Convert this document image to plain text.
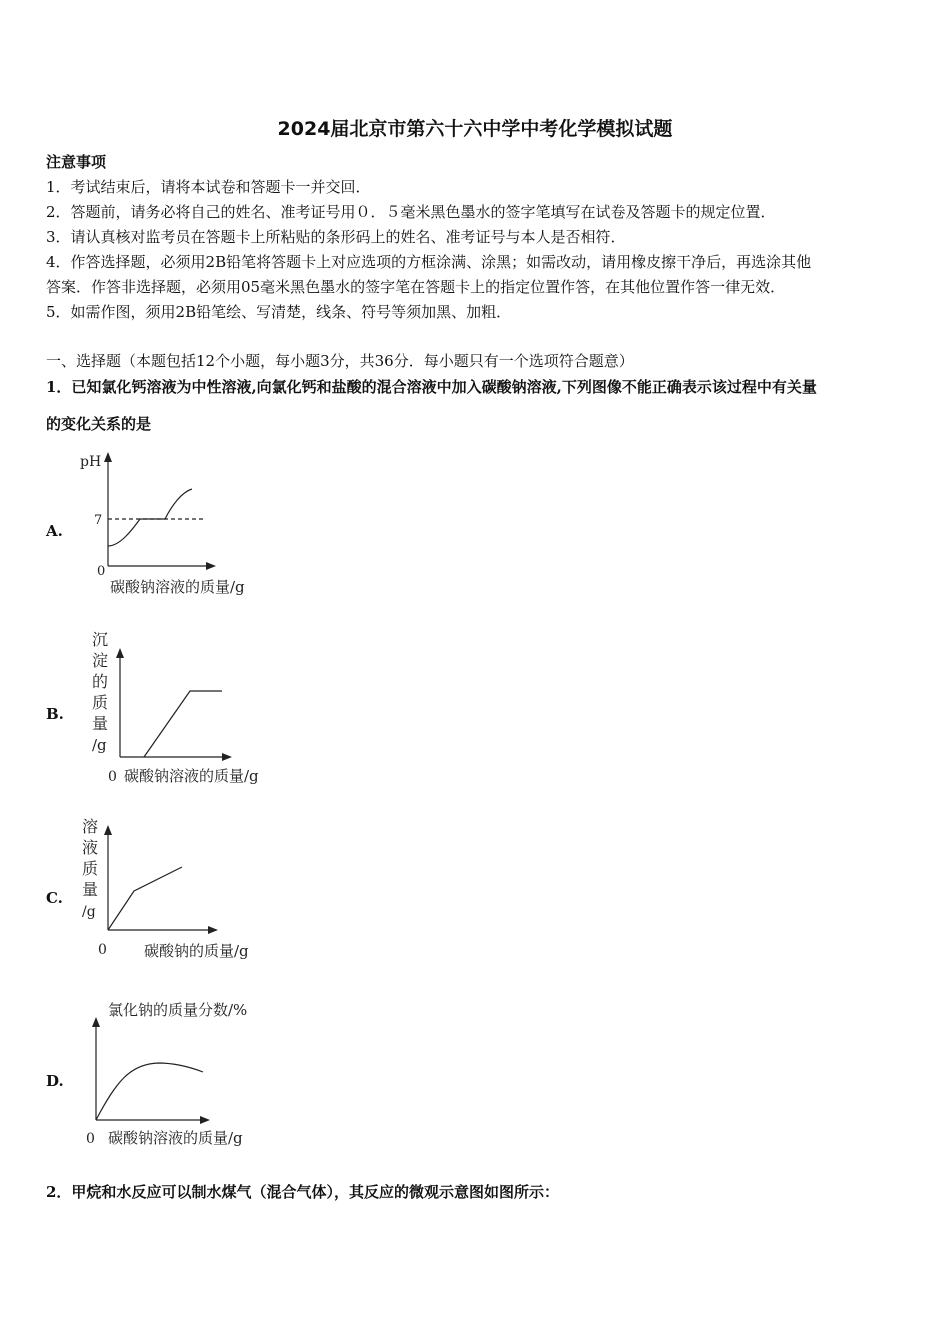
2024届北京市第六十六中学中考化学模拟试题
注意事项
1．考试结束后，请将本试卷和答题卡一并交回．
2．答题前，请务必将自己的姓名、准考证号用０．５毫米黑色墨水的签字笔填写在试卷及答题卡的规定位置．
3．请认真核对监考员在答题卡上所粘贴的条形码上的姓名、准考证号与本人是否相符．
4．作答选择题，必须用2B铅笔将答题卡上对应选项的方框涂满、涂黑；如需改动，请用橡皮擦干净后，再选涂其他
答案．作答非选择题，必须用05毫米黑色墨水的签字笔在答题卡上的指定位置作答，在其他位置作答一律无效．
5．如需作图，须用2B铅笔绘、写清楚，线条、符号等须加黑、加粗．
一、选择题（本题包括12个小题，每小题3分，共36分．每小题只有一个选项符合题意）
1．已知氯化钙溶液为中性溶液,向氯化钙和盐酸的混合溶液中加入碳酸钠溶液,下列图像不能正确表示该过程中有关量
的变化关系的是
A.
B.
C.
D.
pH
7
0
碳酸钠溶液的质量/g
沉
淀
的
质
量
/g
0 碳酸钠溶液的质量/g
溶
液
质
量
/g
0 碳酸钠的质量/g
氯化钠的质量分数/%
0 碳酸钠溶液的质量/g
2．甲烷和水反应可以制水煤气（混合气体），其反应的微观示意图如图所示：
